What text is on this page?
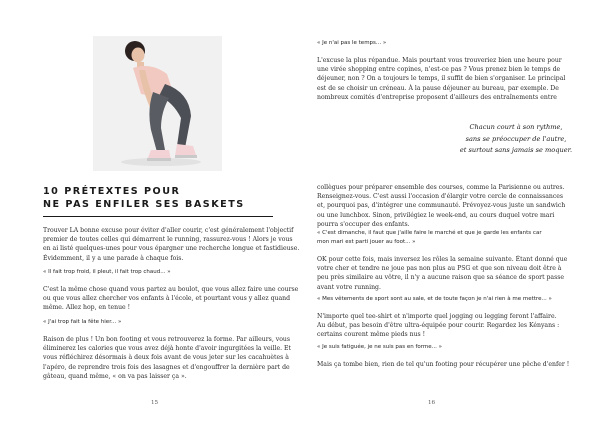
10 PRÉTEXTES POUR
NE PAS ENFILER SES BASKETS
Trouver LA bonne excuse pour éviter d'aller courir, c'est généralement l'objectif
premier de toutes celles qui démarrent le running, rassurez-vous ! Alors je vous
en ai listé quelques-unes pour vous épargner une recherche longue et fastidieuse.
Évidemment, il y a une parade à chaque fois.
« Il fait trop froid, il pleut, il fait trop chaud... »
C'est la même chose quand vous partez au boulot, que vous allez faire une course
ou que vous allez chercher vos enfants à l'école, et pourtant vous y allez quand
même. Allez hop, en tenue !
« J'ai trop fait la fête hier... »
Raison de plus ! Un bon footing et vous retrouverez la forme. Par ailleurs, vous
éliminerez les calories que vous avez déjà honte d'avoir ingurgitées la veille. Et
vous réfléchirez désormais à deux fois avant de vous jeter sur les cacahuètes à
l'apéro, de reprendre trois fois des lasagnes et d'engouffrer la dernière part de
gâteau, quand même, « on va pas laisser ça ».
15
« Je n'ai pas le temps... »
L'excuse la plus répandue. Mais pourtant vous trouveriez bien une heure pour
une virée shopping entre copines, n'est-ce pas ? Vous prenez bien le temps de
déjeuner, non ? On a toujours le temps, il suffit de bien s'organiser. Le principal
est de se choisir un créneau. À la pause déjeuner au bureau, par exemple. De
nombreux comités d'entreprise proposent d'ailleurs des entraînements entre
Chacun court à son rythme,
sans se préoccuper de l'autre,
et surtout sans jamais se moquer.
collègues pour préparer ensemble des courses, comme la Parisienne ou autres.
Renseignez-vous. C'est aussi l'occasion d'élargir votre cercle de connaissances
et, pourquoi pas, d'intégrer une communauté. Prévoyez-vous juste un sandwich
ou une lunchbox. Sinon, privilégiez le week-end, au cours duquel votre mari
pourra s'occuper des enfants.
« C'est dimanche, il faut que j'aille faire le marché et que je garde les enfants car
mon mari est parti jouer au foot... »
OK pour cette fois, mais inversez les rôles la semaine suivante. Étant donné que
votre cher et tendre ne joue pas non plus au PSG et que son niveau doit être à
peu près similaire au vôtre, il n'y a aucune raison que sa séance de sport passe
avant votre running.
« Mes vêtements de sport sont au sale, et de toute façon je n'ai rien à me mettre... »
N'importe quel tee-shirt et n'importe quel jogging ou legging feront l'affaire.
Au début, pas besoin d'être ultra-équipée pour courir. Regardez les Kényans :
certains courent même pieds nus !
« Je suis fatiguée, je ne suis pas en forme... »
Mais ça tombe bien, rien de tel qu'un footing pour récupérer une pêche d'enfer !
16
